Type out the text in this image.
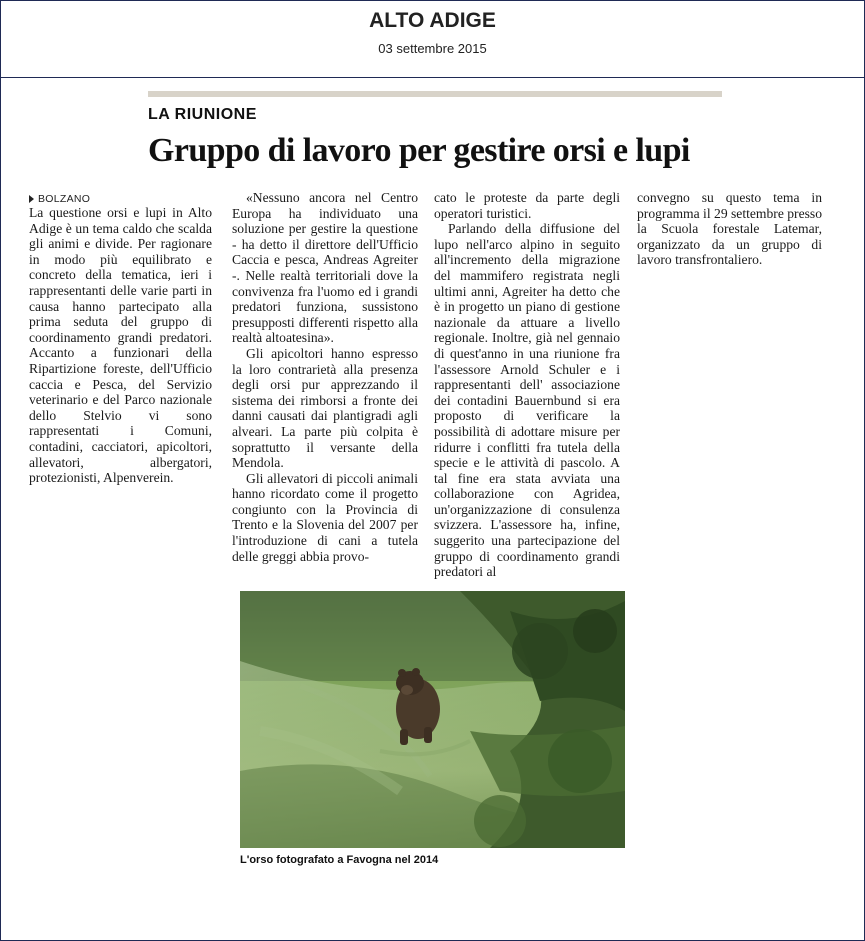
ALTO ADIGE
03 settembre 2015
LA RIUNIONE
Gruppo di lavoro per gestire orsi e lupi
BOLZANO

La questione orsi e lupi in Alto Adige è un tema caldo che scalda gli animi e divide. Per ragionare in modo più equilibrato e concreto della tematica, ieri i rappresentanti delle varie parti in causa hanno partecipato alla prima seduta del gruppo di coordinamento grandi predatori. Accanto a funzionari della Ripartizione foreste, dell'Ufficio caccia e Pesca, del Servizio veterinario e del Parco nazionale dello Stelvio vi sono rappresentati i Comuni, contadini, cacciatori, apicoltori, allevatori, albergatori, protezionisti, Alpenverein.

«Nessuno ancora nel Centro Europa ha individuato una soluzione per gestire la questione - ha detto il direttore dell'Ufficio Caccia e pesca, Andreas Agreiter -. Nelle realtà territoriali dove la convivenza fra l'uomo ed i grandi predatori funziona, sussistono presupposti differenti rispetto alla realtà altoatesina».

Gli apicoltori hanno espresso la loro contrarietà alla presenza degli orsi pur apprezzando il sistema dei rimborsi a fronte dei danni causati dai plantigradi agli alveari. La parte più colpita è soprattutto il versante della Mendola.

Gli allevatori di piccoli animali hanno ricordato come il progetto congiunto con la Provincia di Trento e la Slovenia del 2007 per l'introduzione di cani a tutela delle greggi abbia provo-

cato le proteste da parte degli operatori turistici.

Parlando della diffusione del lupo nell'arco alpino in seguito all'incremento della migrazione del mammifero registrata negli ultimi anni, Agreiter ha detto che è in progetto un piano di gestione nazionale da attuare a livello regionale. Inoltre, già nel gennaio di quest'anno in una riunione fra l'assessore Arnold Schuler e i rappresentanti dell' associazione dei contadini Bauernbund si era proposto di verificare la possibilità di adottare misure per ridurre i conflitti fra tutela della specie e le attività di pascolo. A tal fine era stata avviata una collaborazione con Agridea, un'organizzazione di consulenza svizzera. L'assessore ha, infine, suggerito una partecipazione del gruppo di coordinamento grandi predatori al

convegno su questo tema in programma il 29 settembre presso la Scuola forestale Latemar, organizzato da un gruppo di lavoro transfrontaliero.

L'orso fotografato a Favogna nel 2014
